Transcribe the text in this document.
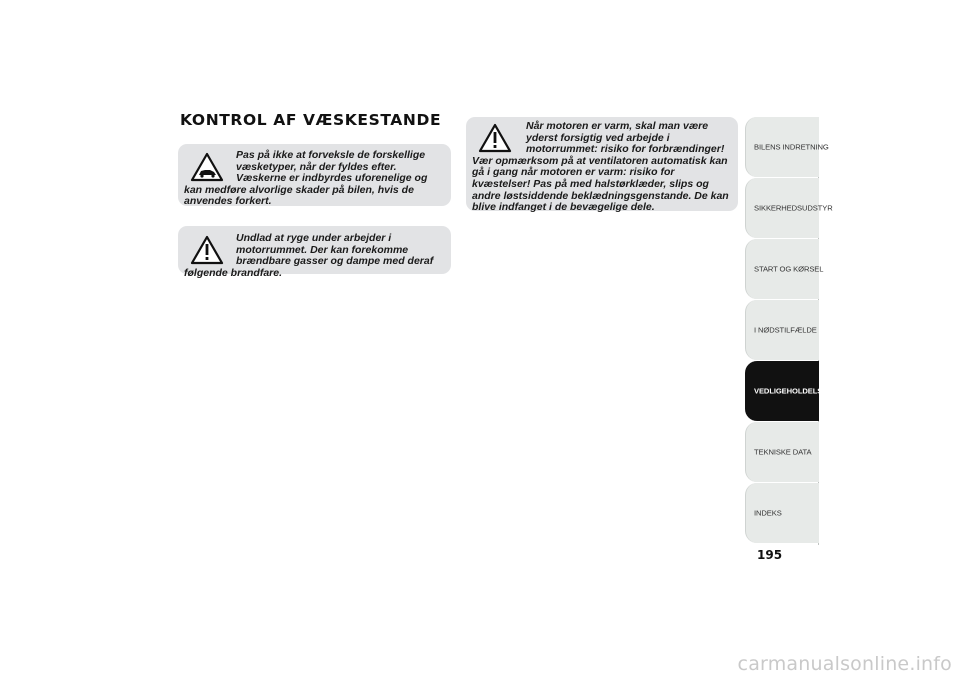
KONTROL AF VÆSKESTANDE

Pas på ikke at forveksle de forskellige væsketyper, når der fyldes efter. Væskerne er indbyrdes uforenelige og kan medføre alvorlige skader på bilen, hvis de anvendes forkert.

Undlad at ryge under arbejder i motorrummet. Der kan forekomme brændbare gasser og dampe med deraf følgende brandfare.

Når motoren er varm, skal man være yderst forsigtig ved arbejde i motorrummet: risiko for forbrændinger! Vær opmærksom på at ventilatoren automatisk kan gå i gang når motoren er varm: risiko for kvæstelser! Pas på med halstørklæder, slips og andre løstsiddende beklædningsgenstande. De kan blive indfanget i de bevægelige dele.

BILENS INDRETNING
SIKKERHEDSUDSTYR
START OG KØRSEL
I NØDSTILFÆLDE
VEDLIGEHOLDELSE
TEKNISKE DATA
INDEKS
195
carmanualsonline.info
